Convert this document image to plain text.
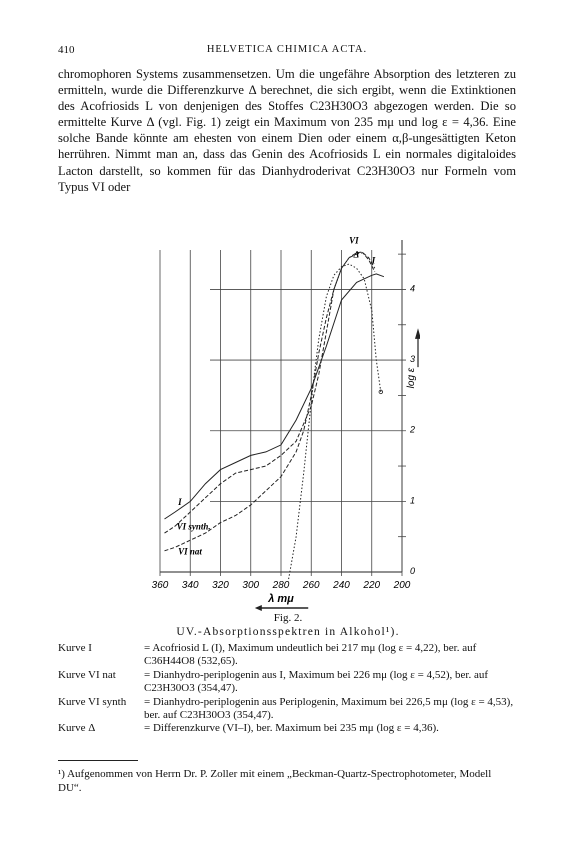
410	HELVETICA CHIMICA ACTA.

chromophoren Systems zusammensetzen. Um die ungefähre Absorption des letzteren zu ermitteln, wurde die Differenzkurve Δ berechnet, die sich ergibt, wenn die Extinktionen des Acofriosids L von denjenigen des Stoffes C23H30O3 abgezogen werden. Die so ermittelte Kurve Δ (vgl. Fig. 1) zeigt ein Maximum von 235 mμ und log ε = 4,36. Eine solche Bande könnte am ehesten von einem Dien oder einem α,β-ungesättigten Keton herrühren. Nimmt man an, dass das Genin des Acofriosids L ein normales digitaloides Lacton darstellt, so kommen für das Dianhydroderivat C23H30O3 nur Formeln vom Typus VI oder

360 340 320 300 280 260 240 220 200
0
1
2
3
4
log ε
λ mμ
VI
Δ
I
I
VI synth.
VI nat
Fig. 2.
UV.-Absorptionsspektren in Alkohol¹).
Kurve I	= Acofriosid L (I), Maximum undeutlich bei 217 mμ (log ε = 4,22), ber. auf C36H44O8 (532,65).
Kurve VI nat	= Dianhydro-periplogenin aus I, Maximum bei 226 mμ (log ε = 4,52), ber. auf C23H30O3 (354,47).
Kurve VI synth	= Dianhydro-periplogenin aus Periplogenin, Maximum bei 226,5 mμ (log ε = 4,53), ber. auf C23H30O3 (354,47).
Kurve Δ	= Differenzkurve (VI–I), ber. Maximum bei 235 mμ (log ε = 4,36).
¹) Aufgenommen von Herrn Dr. P. Zoller mit einem „Beckman-Quartz-Spectrophotometer, Modell DU“.
